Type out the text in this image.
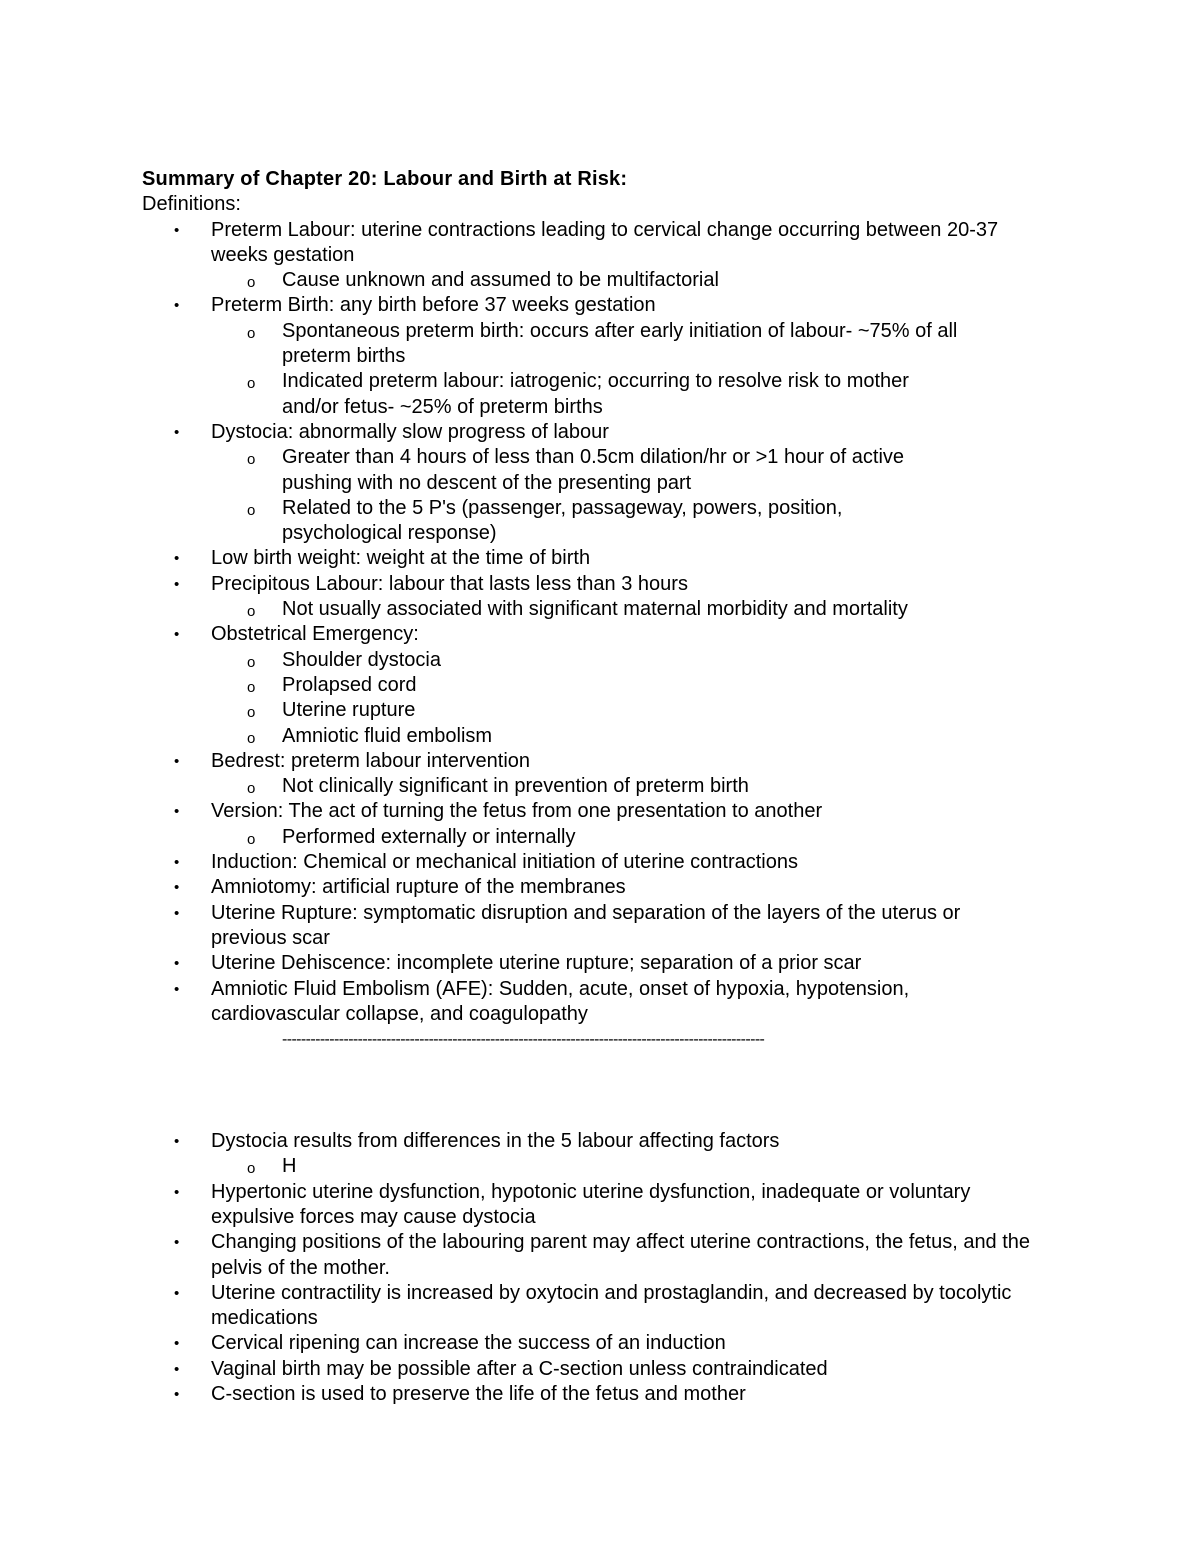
Summary of Chapter 20: Labour and Birth at Risk:
Definitions:
• Preterm Labour: uterine contractions leading to cervical change occurring between 20-37 weeks gestation
o Cause unknown and assumed to be multifactorial
• Preterm Birth: any birth before 37 weeks gestation
o Spontaneous preterm birth: occurs after early initiation of labour- ~75% of all preterm births
o Indicated preterm labour: iatrogenic; occurring to resolve risk to mother and/or fetus- ~25% of preterm births
• Dystocia: abnormally slow progress of labour
o Greater than 4 hours of less than 0.5cm dilation/hr or >1 hour of active pushing with no descent of the presenting part
o Related to the 5 P's (passenger, passageway, powers, position, psychological response)
• Low birth weight: weight at the time of birth
• Precipitous Labour: labour that lasts less than 3 hours
o Not usually associated with significant maternal morbidity and mortality
• Obstetrical Emergency:
o Shoulder dystocia
o Prolapsed cord
o Uterine rupture
o Amniotic fluid embolism
• Bedrest: preterm labour intervention
o Not clinically significant in prevention of preterm birth
• Version: The act of turning the fetus from one presentation to another
o Performed externally or internally
• Induction: Chemical or mechanical initiation of uterine contractions
• Amniotomy: artificial rupture of the membranes
• Uterine Rupture: symptomatic disruption and separation of the layers of the uterus or previous scar
• Uterine Dehiscence: incomplete uterine rupture; separation of a prior scar
• Amniotic Fluid Embolism (AFE): Sudden, acute, onset of hypoxia, hypotension, cardiovascular collapse, and coagulopathy
------------------------------------------------------------------------------------------------------
• Dystocia results from differences in the 5 labour affecting factors
o H
• Hypertonic uterine dysfunction, hypotonic uterine dysfunction, inadequate or voluntary expulsive forces may cause dystocia
• Changing positions of the labouring parent may affect uterine contractions, the fetus, and the pelvis of the mother.
• Uterine contractility is increased by oxytocin and prostaglandin, and decreased by tocolytic medications
• Cervical ripening can increase the success of an induction
• Vaginal birth may be possible after a C-section unless contraindicated
• C-section is used to preserve the life of the fetus and mother
